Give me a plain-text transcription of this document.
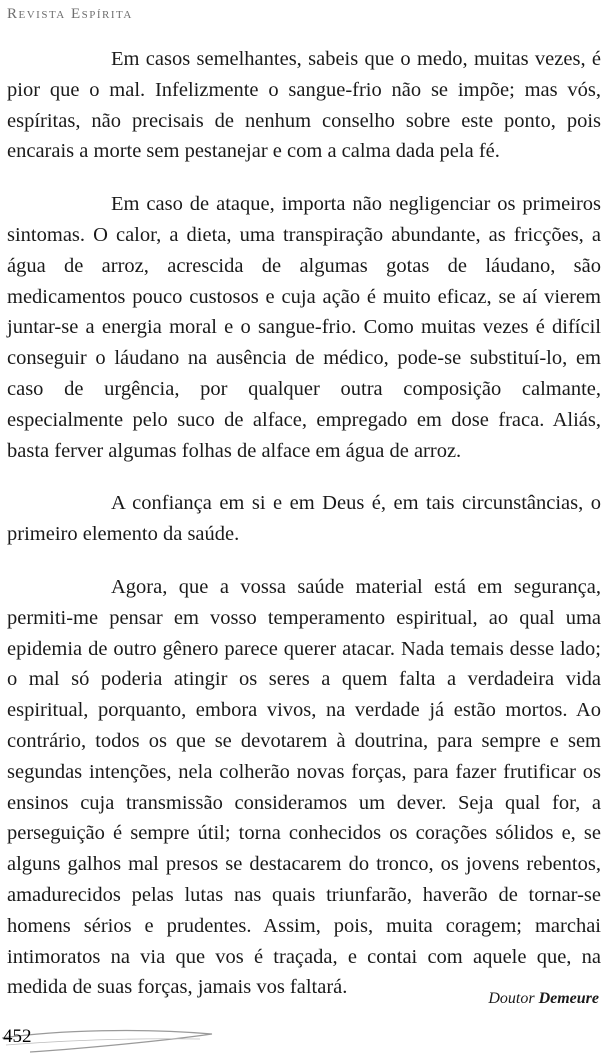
Revista Espírita

Em casos semelhantes, sabeis que o medo, muitas vezes, é pior que o mal. Infelizmente o sangue-frio não se impõe; mas vós, espíritas, não precisais de nenhum conselho sobre este ponto, pois encarais a morte sem pestanejar e com a calma dada pela fé.

Em caso de ataque, importa não negligenciar os primeiros sintomas. O calor, a dieta, uma transpiração abundante, as fricções, a água de arroz, acrescida de algumas gotas de láudano, são medicamentos pouco custosos e cuja ação é muito eficaz, se aí vierem juntar-se a energia moral e o sangue-frio. Como muitas vezes é difícil conseguir o láudano na ausência de médico, pode-se substituí-lo, em caso de urgência, por qualquer outra composição calmante, especialmente pelo suco de alface, empregado em dose fraca. Aliás, basta ferver algumas folhas de alface em água de arroz.

A confiança em si e em Deus é, em tais circunstâncias, o primeiro elemento da saúde.

Agora, que a vossa saúde material está em segurança, permiti-me pensar em vosso temperamento espiritual, ao qual uma epidemia de outro gênero parece querer atacar. Nada temais desse lado; o mal só poderia atingir os seres a quem falta a verdadeira vida espiritual, porquanto, embora vivos, na verdade já estão mortos. Ao contrário, todos os que se devotarem à doutrina, para sempre e sem segundas intenções, nela colherão novas forças, para fazer frutificar os ensinos cuja transmissão consideramos um dever. Seja qual for, a perseguição é sempre útil; torna conhecidos os corações sólidos e, se alguns galhos mal presos se destacarem do tronco, os jovens rebentos, amadurecidos pelas lutas nas quais triunfarão, haverão de tornar-se homens sérios e prudentes. Assim, pois, muita coragem; marchai intimoratos na via que vos é traçada, e contai com aquele que, na medida de suas forças, jamais vos faltará.

Doutor Demeure
452
